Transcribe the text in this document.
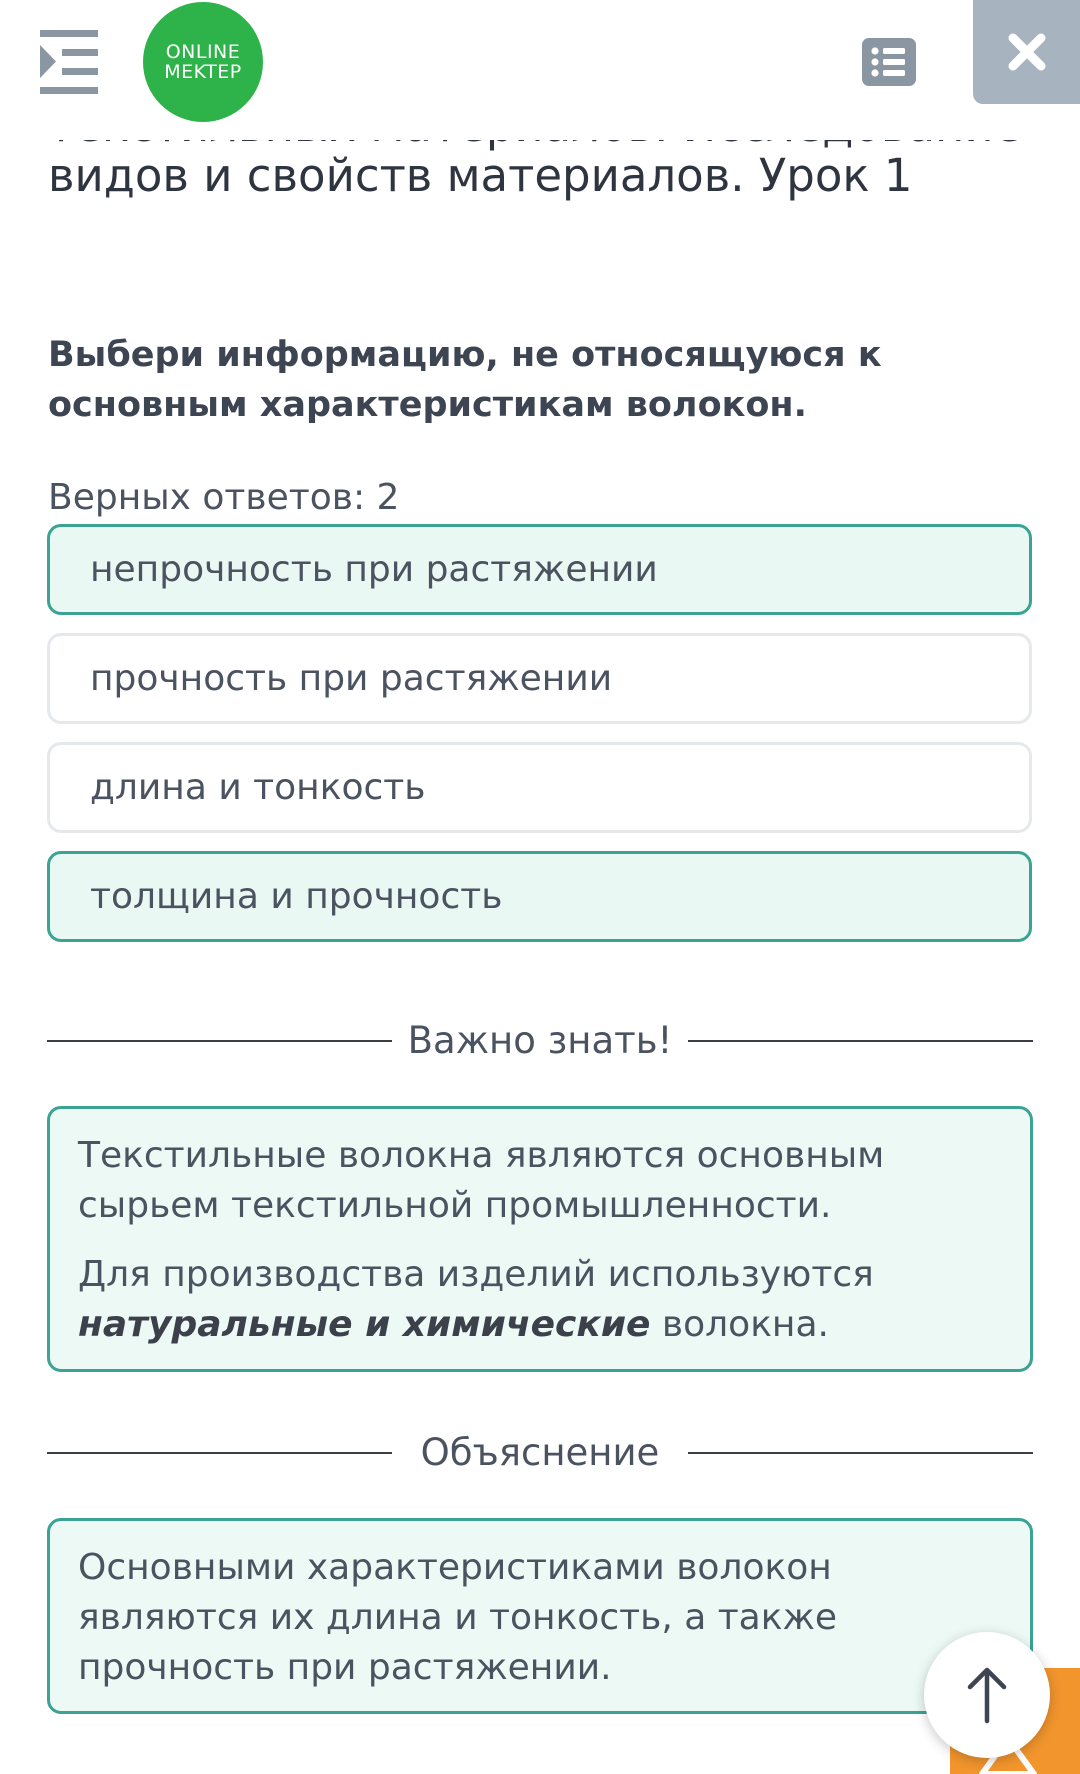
ONLINE
MEKTEP
видов и свойств материалов. Урок 1

Выбери информацию, не относящуюся к основным характеристикам волокон.

Верных ответов: 2
непрочность при растяжении
прочность при растяжении
длина и тонкость
толщина и прочность
Важно знать!

Текстильные волокна являются основным сырьем текстильной промышленности.

Для производства изделий используются натуральные и химические волокна.

Объяснение

Основными характеристиками волокон являются их длина и тонкость, а также прочность при растяжении.
